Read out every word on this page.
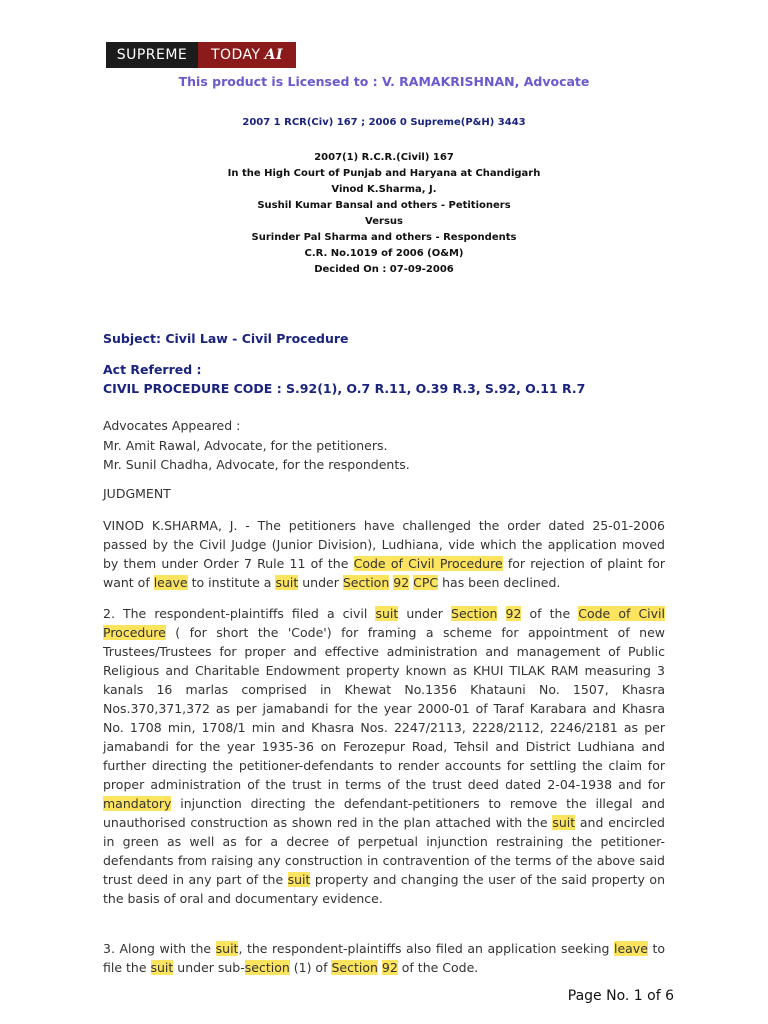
SUPREME	TODAY AI
This product is Licensed to : V. RAMAKRISHNAN, Advocate
2007 1 RCR(Civ) 167 ; 2006 0 Supreme(P&H) 3443
2007(1) R.C.R.(Civil) 167
In the High Court of Punjab and Haryana at Chandigarh
Vinod K.Sharma, J.
Sushil Kumar Bansal and others - Petitioners
Versus
Surinder Pal Sharma and others - Respondents
C.R. No.1019 of 2006 (O&M)
Decided On : 07-09-2006
Subject: Civil Law - Civil Procedure
Act Referred :
CIVIL PROCEDURE CODE : S.92(1), O.7 R.11, O.39 R.3, S.92, O.11 R.7
Advocates Appeared :
Mr. Amit Rawal, Advocate, for the petitioners.
Mr. Sunil Chadha, Advocate, for the respondents.
JUDGMENT
VINOD K.SHARMA, J. - The petitioners have challenged the order dated 25-01-2006 passed by the Civil Judge (Junior Division), Ludhiana, vide which the application moved by them under Order 7 Rule 11 of the Code of Civil Procedure for rejection of plaint for want of leave to institute a suit under Section 92 CPC has been declined.
2. The respondent-plaintiffs filed a civil suit under Section 92 of the Code of Civil Procedure ( for short the 'Code') for framing a scheme for appointment of new Trustees/Trustees for proper and effective administration and management of Public Religious and Charitable Endowment property known as KHUI TILAK RAM measuring 3 kanals 16 marlas comprised in Khewat No.1356 Khatauni No. 1507, Khasra Nos.370,371,372 as per jamabandi for the year 2000-01 of Taraf Karabara and Khasra No. 1708 min, 1708/1 min and Khasra Nos. 2247/2113, 2228/2112, 2246/2181 as per jamabandi for the year 1935-36 on Ferozepur Road, Tehsil and District Ludhiana and further directing the petitioner-defendants to render accounts for settling the claim for proper administration of the trust in terms of the trust deed dated 2-04-1938 and for mandatory injunction directing the defendant-petitioners to remove the illegal and unauthorised construction as shown red in the plan attached with the suit and encircled in green as well as for a decree of perpetual injunction restraining the petitioner-defendants from raising any construction in contravention of the terms of the above said trust deed in any part of the suit property and changing the user of the said property on the basis of oral and documentary evidence.
3. Along with the suit, the respondent-plaintiffs also filed an application seeking leave to file the suit under sub-section (1) of Section 92 of the Code.
Page No. 1 of 6
